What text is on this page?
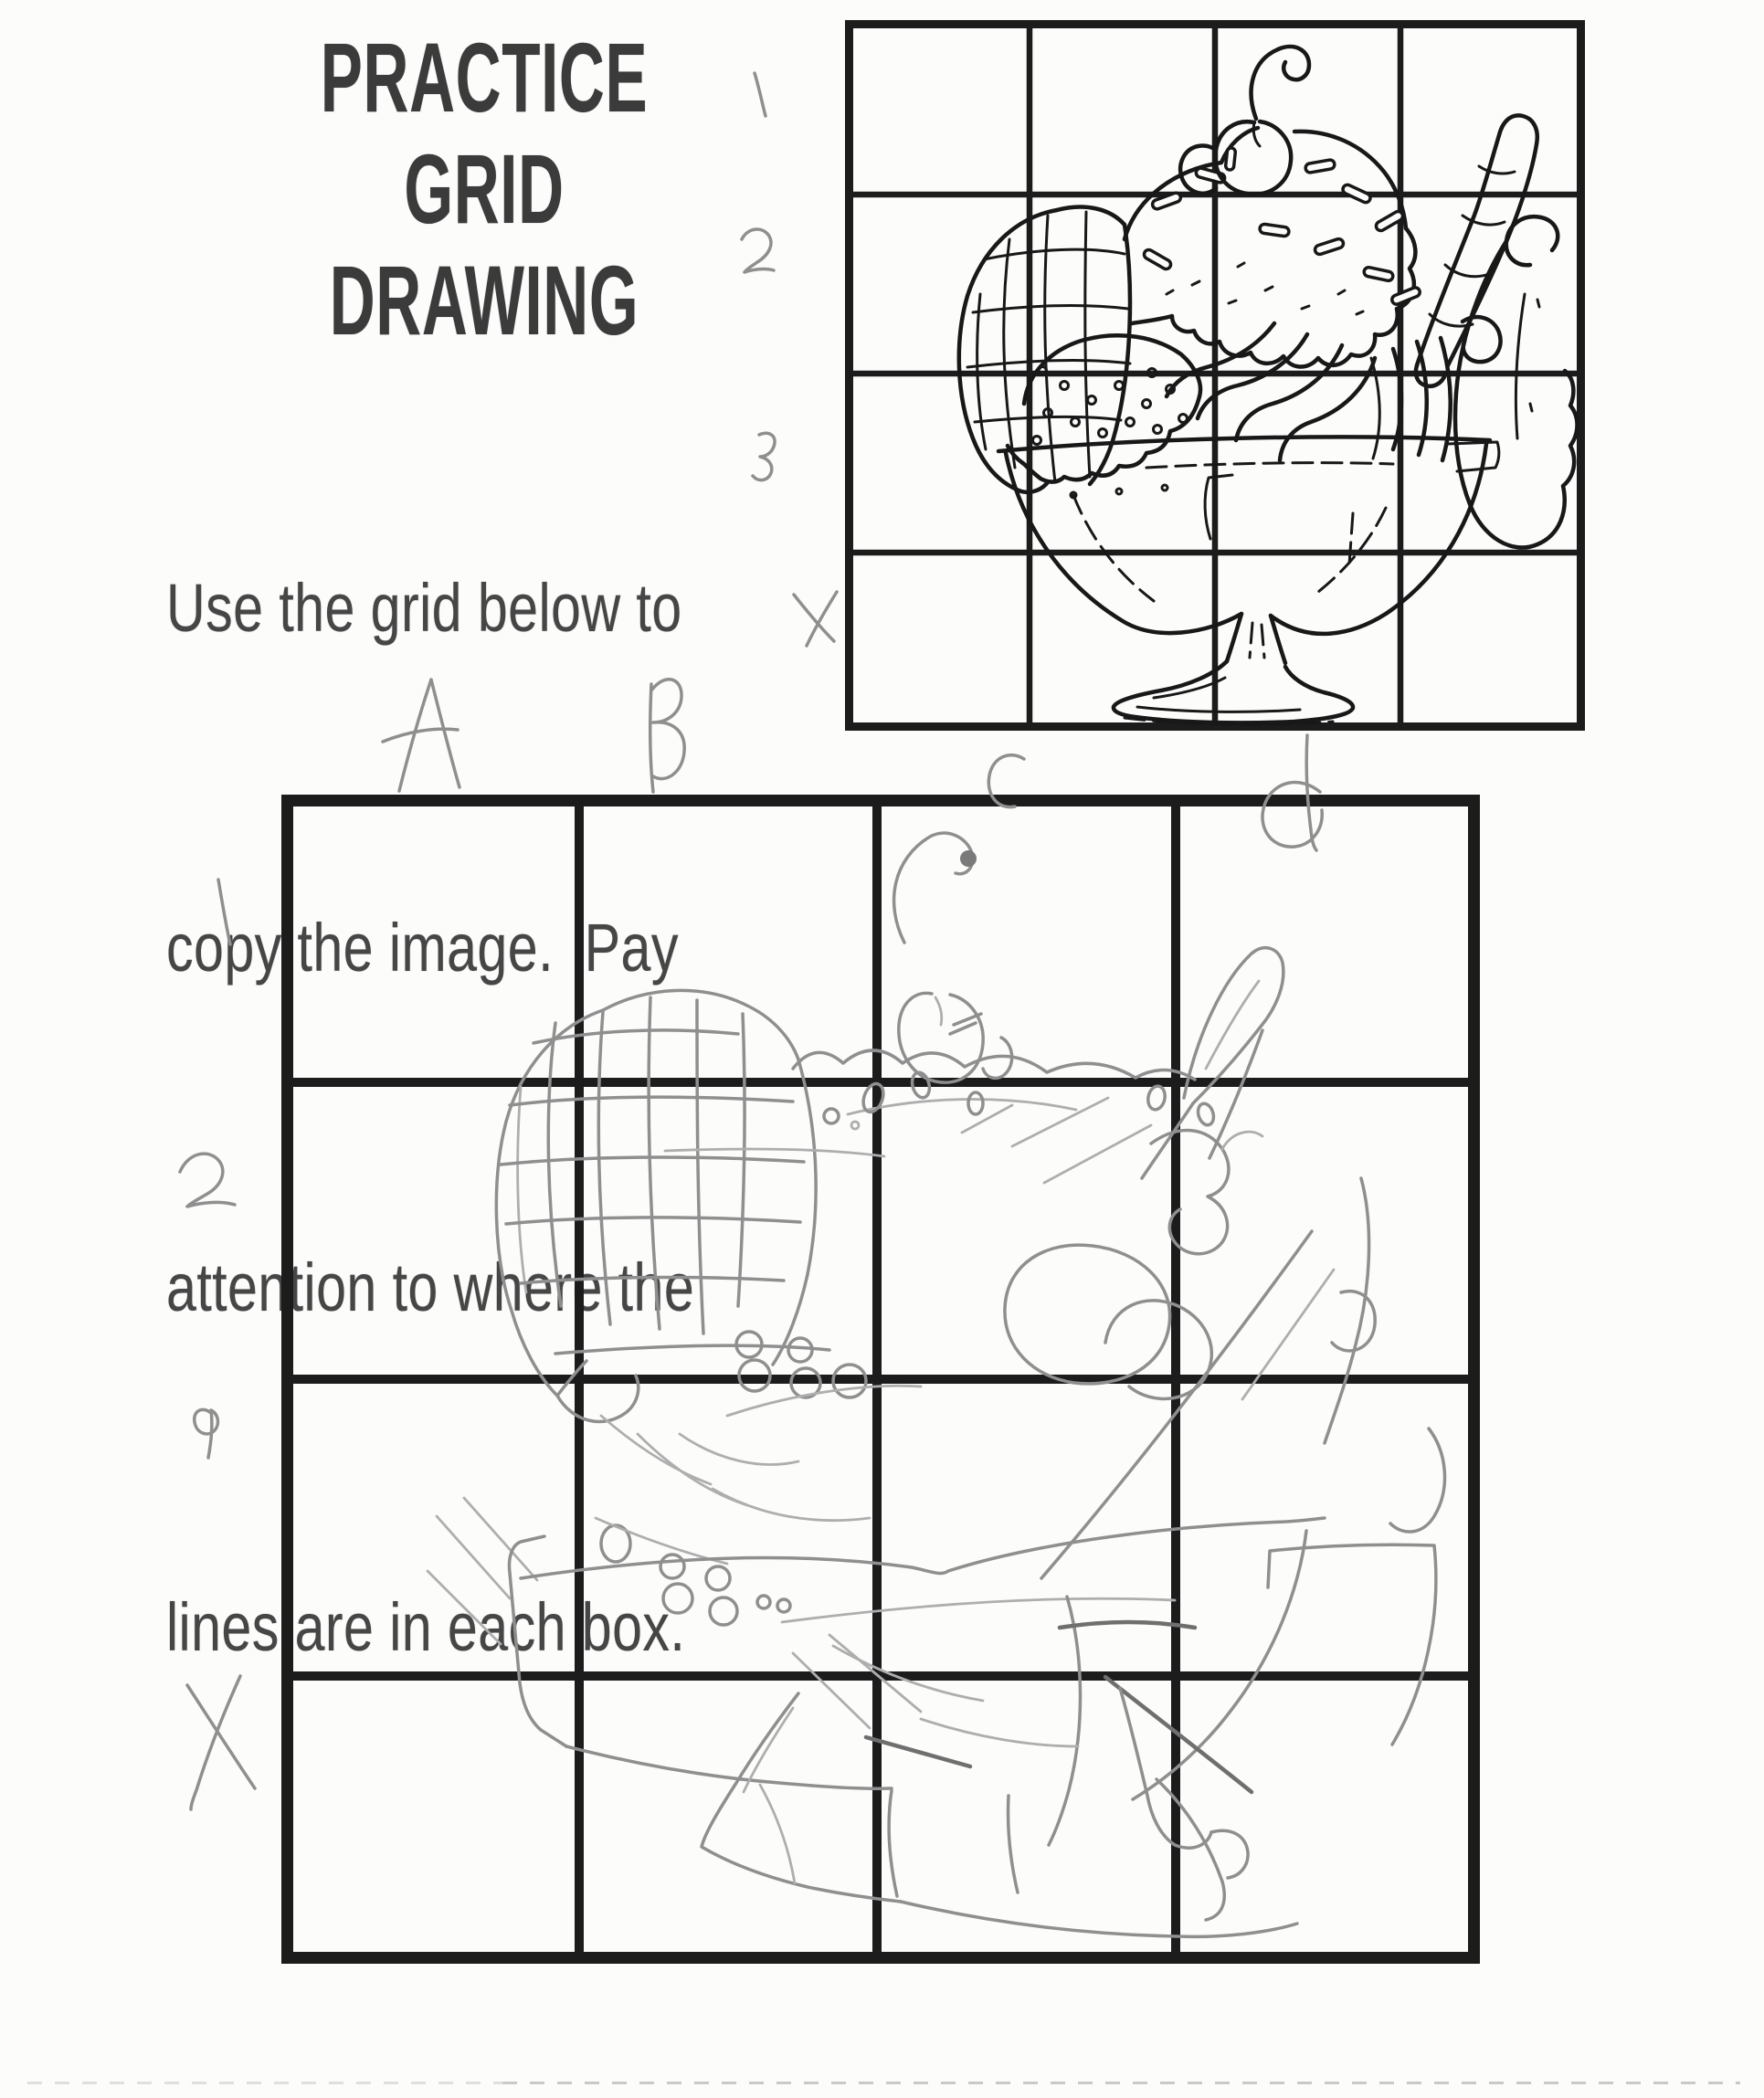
PRACTICE
GRID DRAWING

Use the grid below to

copy the image.  Pay

attention to where the

lines are in each box.
